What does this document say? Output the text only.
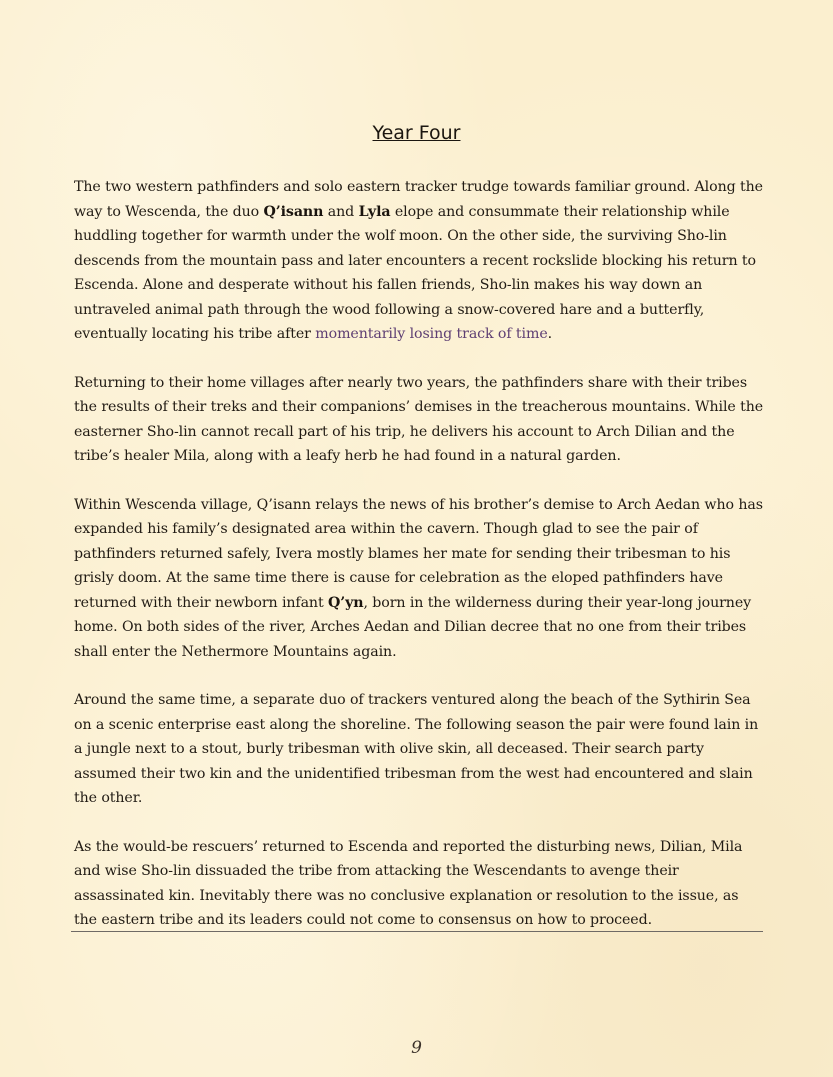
Year Four

The two western pathfinders and solo eastern tracker trudge towards familiar ground. Along the way to Wescenda, the duo Q’isann and Lyla elope and consummate their relationship while huddling together for warmth under the wolf moon. On the other side, the surviving Sho-lin descends from the mountain pass and later encounters a recent rockslide blocking his return to Escenda. Alone and desperate without his fallen friends, Sho-lin makes his way down an untraveled animal path through the wood following a snow-covered hare and a butterfly, eventually locating his tribe after momentarily losing track of time.

Returning to their home villages after nearly two years, the pathfinders share with their tribes the results of their treks and their companions’ demises in the treacherous mountains. While the easterner Sho-lin cannot recall part of his trip, he delivers his account to Arch Dilian and the tribe’s healer Mila, along with a leafy herb he had found in a natural garden.

Within Wescenda village, Q’isann relays the news of his brother’s demise to Arch Aedan who has expanded his family’s designated area within the cavern. Though glad to see the pair of pathfinders returned safely, Ivera mostly blames her mate for sending their tribesman to his grisly doom. At the same time there is cause for celebration as the eloped pathfinders have returned with their newborn infant Q’yn, born in the wilderness during their year-long journey home. On both sides of the river, Arches Aedan and Dilian decree that no one from their tribes shall enter the Nethermore Mountains again.

Around the same time, a separate duo of trackers ventured along the beach of the Sythirin Sea on a scenic enterprise east along the shoreline. The following season the pair were found lain in a jungle next to a stout, burly tribesman with olive skin, all deceased. Their search party assumed their two kin and the unidentified tribesman from the west had encountered and slain the other.

As the would-be rescuers’ returned to Escenda and reported the disturbing news, Dilian, Mila and wise Sho-lin dissuaded the tribe from attacking the Wescendants to avenge their assassinated kin. Inevitably there was no conclusive explanation or resolution to the issue, as the eastern tribe and its leaders could not come to consensus on how to proceed.

9
